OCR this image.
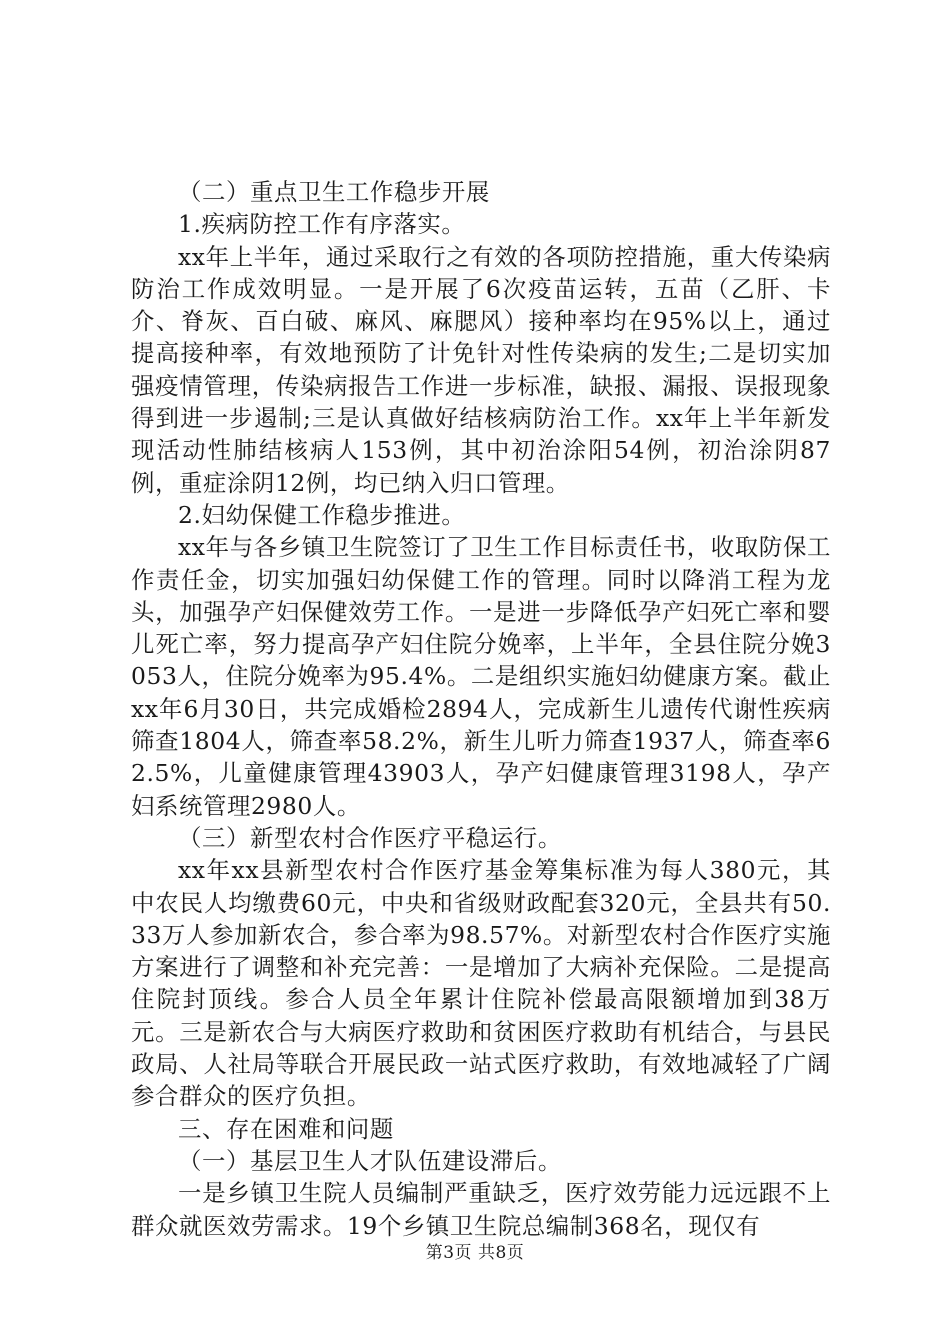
（二）重点卫生工作稳步开展

1.疾病防控工作有序落实。

xx年上半年，通过采取行之有效的各项防控措施，重大传染病防治工作成效明显。一是开展了6次疫苗运转，五苗（乙肝、卡介、脊灰、百白破、麻风、麻腮风）接种率均在95%以上，通过提高接种率，有效地预防了计免针对性传染病的发生;二是切实加强疫情管理，传染病报告工作进一步标准，缺报、漏报、误报现象得到进一步遏制;三是认真做好结核病防治工作。xx年上半年新发现活动性肺结核病人153例，其中初治涂阳54例，初治涂阴87例，重症涂阴12例，均已纳入归口管理。

2.妇幼保健工作稳步推进。

xx年与各乡镇卫生院签订了卫生工作目标责任书，收取防保工作责任金，切实加强妇幼保健工作的管理。同时以降消工程为龙头，加强孕产妇保健效劳工作。一是进一步降低孕产妇死亡率和婴儿死亡率，努力提高孕产妇住院分娩率，上半年，全县住院分娩3053人，住院分娩率为95.4%。二是组织实施妇幼健康方案。截止xx年6月30日，共完成婚检2894人，完成新生儿遗传代谢性疾病筛查1804人，筛查率58.2%，新生儿听力筛查1937人，筛查率62.5%，儿童健康管理43903人，孕产妇健康管理3198人，孕产妇系统管理2980人。

（三）新型农村合作医疗平稳运行。

xx年xx县新型农村合作医疗基金筹集标准为每人380元，其中农民人均缴费60元，中央和省级财政配套320元，全县共有50.33万人参加新农合，参合率为98.57%。对新型农村合作医疗实施方案进行了调整和补充完善：一是增加了大病补充保险。二是提高住院封顶线。参合人员全年累计住院补偿最高限额增加到38万元。三是新农合与大病医疗救助和贫困医疗救助有机结合，与县民政局、人社局等联合开展民政一站式医疗救助，有效地减轻了广阔参合群众的医疗负担。

三、存在困难和问题

（一）基层卫生人才队伍建设滞后。

一是乡镇卫生院人员编制严重缺乏，医疗效劳能力远远跟不上群众就医效劳需求。19个乡镇卫生院总编制368名，现仅有

第3页 共8页
